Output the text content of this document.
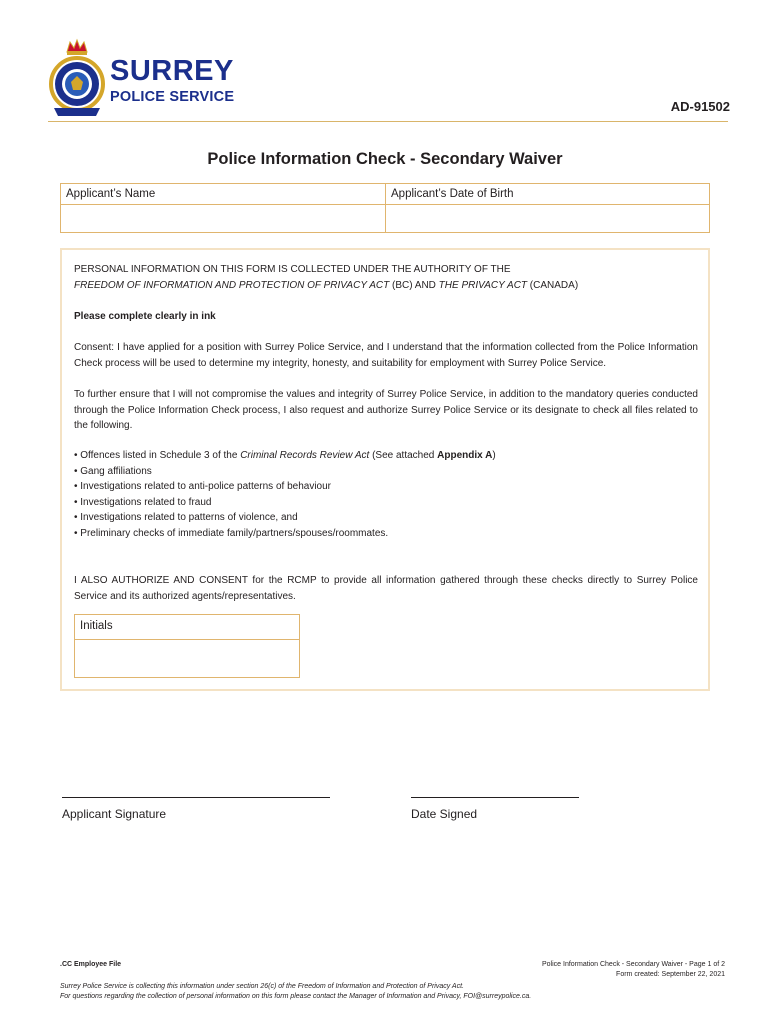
SURREY
POLICE SERVICE
AD-91502
Police Information Check - Secondary Waiver
Applicant’s Name	Applicant’s Date of Birth

PERSONAL INFORMATION ON THIS FORM IS COLLECTED UNDER THE AUTHORITY OF THE
FREEDOM OF INFORMATION AND PROTECTION OF PRIVACY ACT (BC) AND THE PRIVACY ACT (CANADA)

Please complete clearly in ink

Consent: I have applied for a position with Surrey Police Service, and I understand that the information collected from the Police Information Check process will be used to determine my integrity, honesty, and suitability for employment with Surrey Police Service.

To further ensure that I will not compromise the values and integrity of Surrey Police Service, in addition to the mandatory queries conducted through the Police Information Check process, I also request and authorize Surrey Police Service or its designate to check all files related to the following.

• Offences listed in Schedule 3 of the Criminal Records Review Act (See attached Appendix A)
• Gang affiliations
• Investigations related to anti-police patterns of behaviour
• Investigations related to fraud
• Investigations related to patterns of violence, and
• Preliminary checks of immediate family/partners/spouses/roommates.

I ALSO AUTHORIZE AND CONSENT for the RCMP to provide all information gathered through these checks directly to Surrey Police Service and its authorized agents/representatives.

Initials
Applicant Signature	Date Signed
.CC Employee File
Surrey Police Service is collecting this information under section 26(c) of the Freedom of Information and Protection of Privacy Act.
For questions regarding the collection of personal information on this form please contact the Manager of Information and Privacy, FOI@surreypolice.ca.
Police Information Check - Secondary Waiver - Page 1 of 2
Form created: September 22, 2021
